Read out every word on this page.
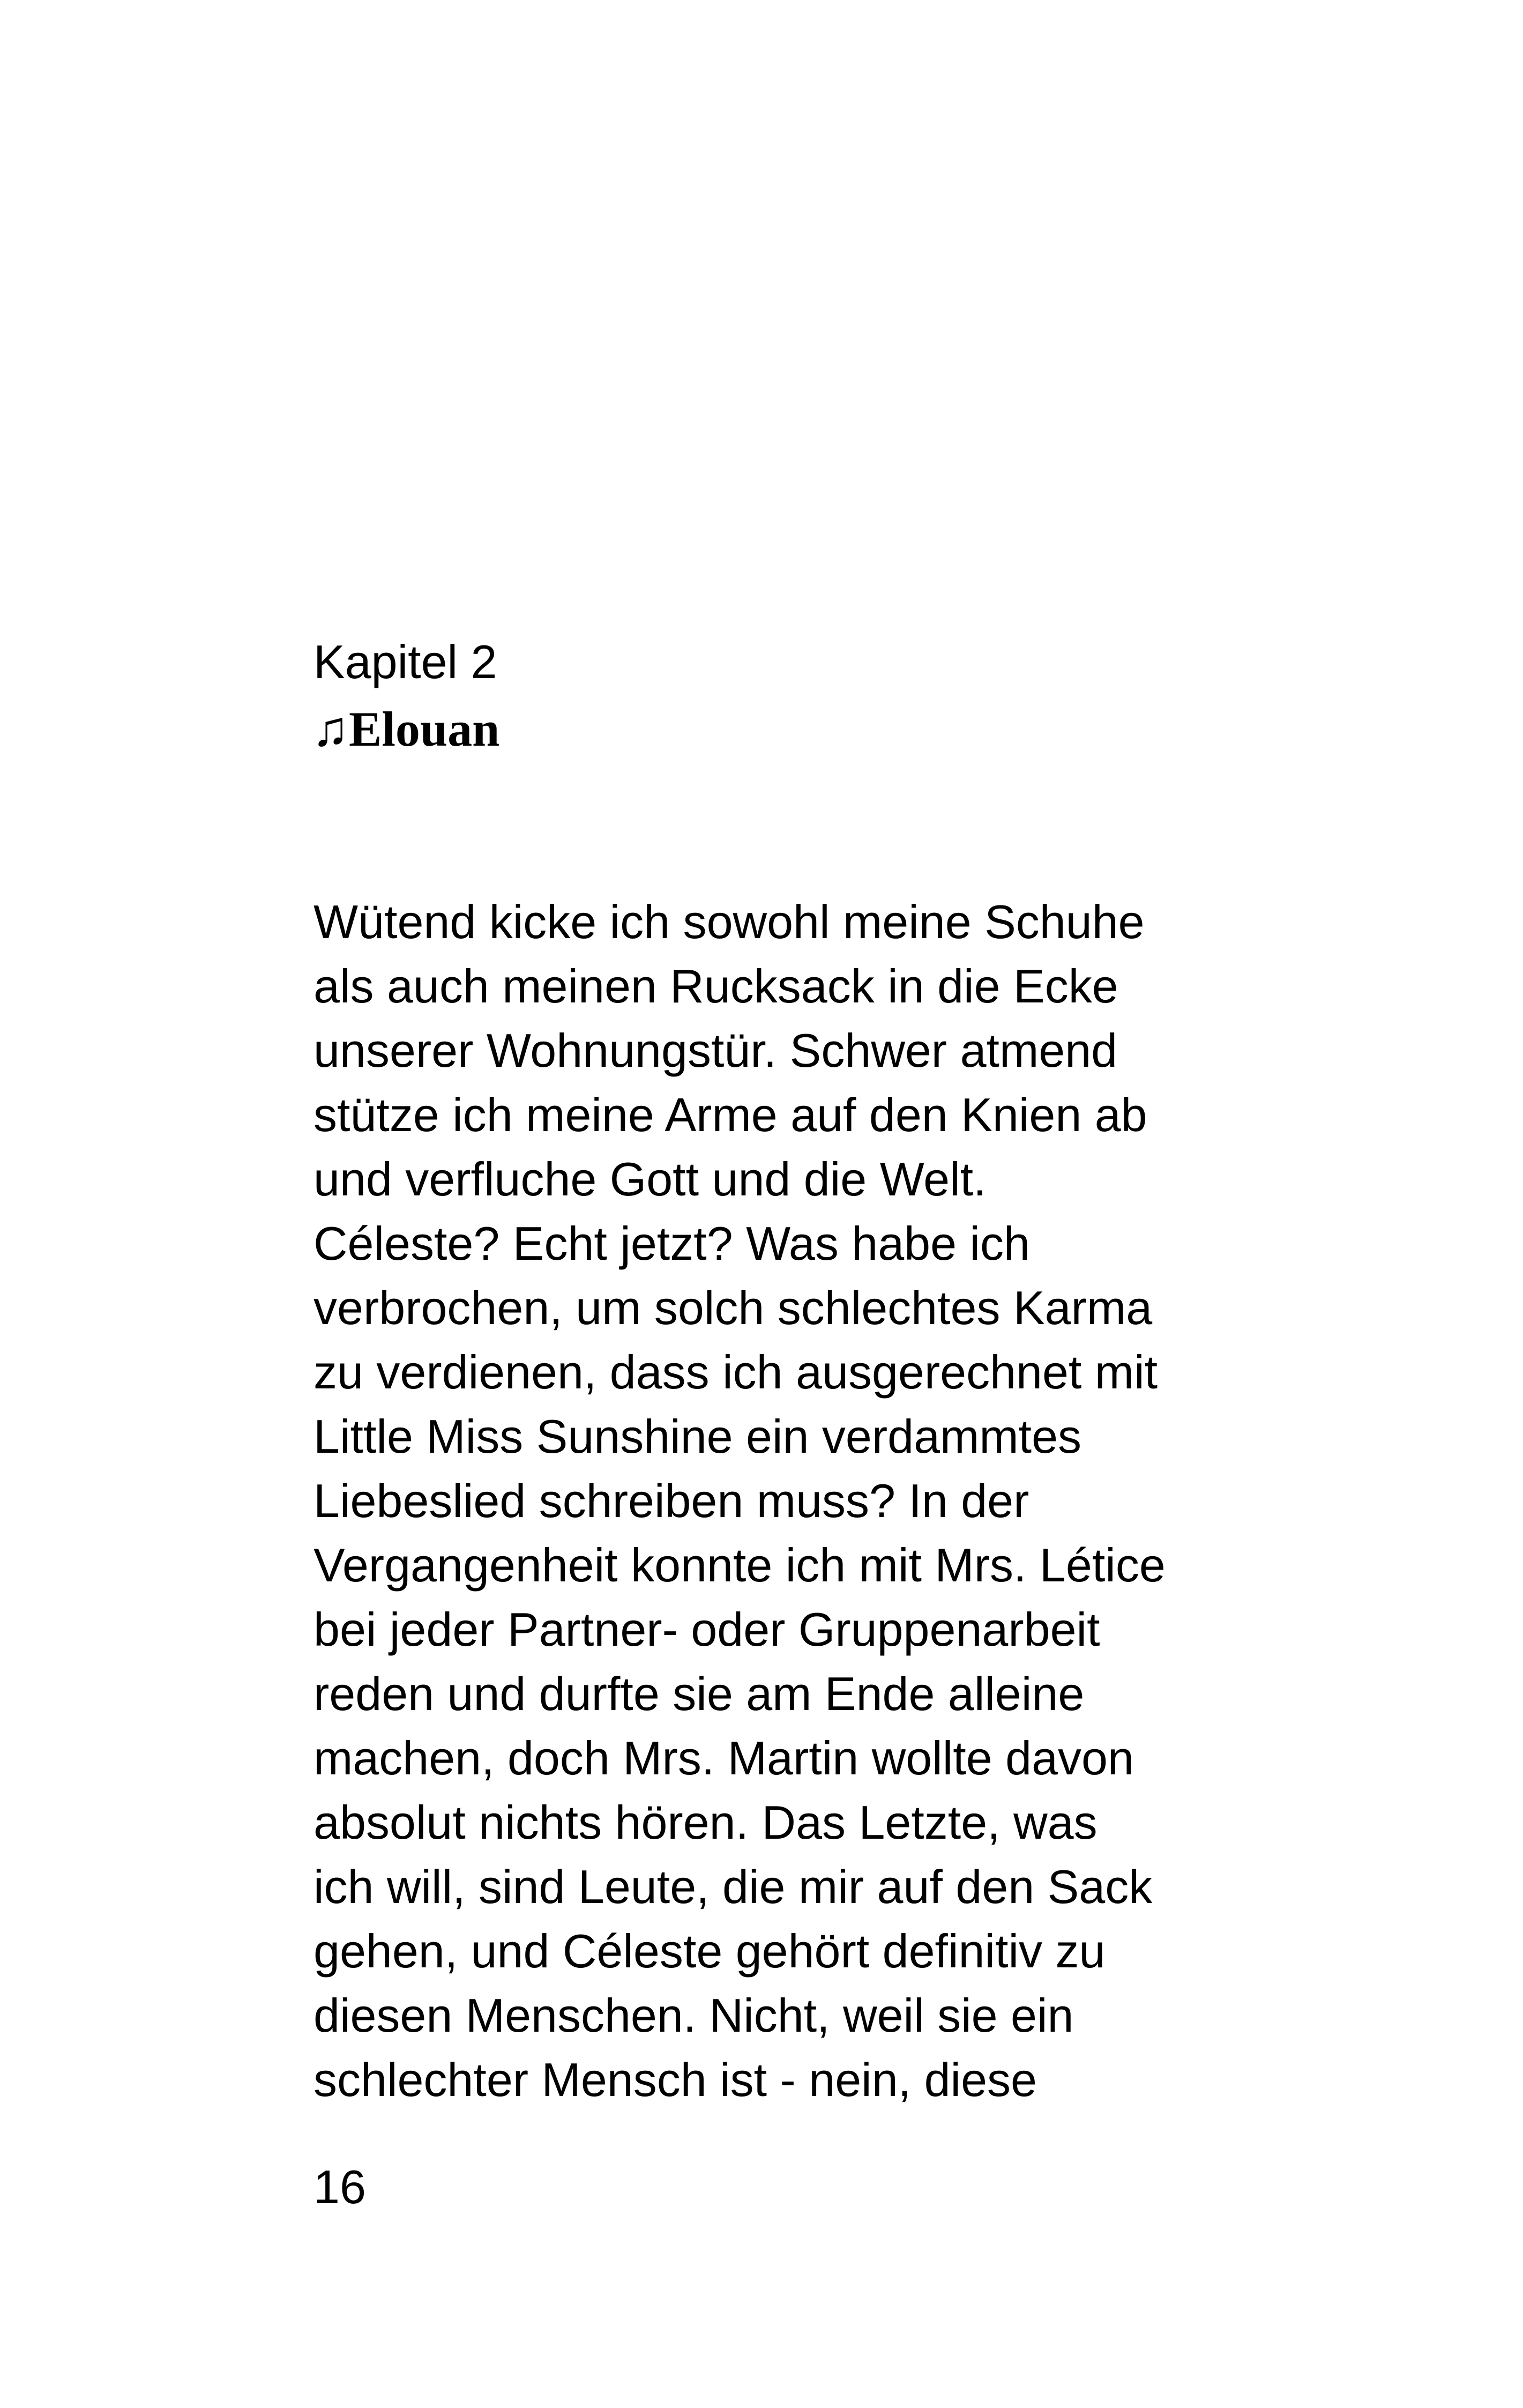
Kapitel 2
♫Elouan
Wütend kicke ich sowohl meine Schuhe
als auch meinen Rucksack in die Ecke
unserer Wohnungstür. Schwer atmend
stütze ich meine Arme auf den Knien ab
und verfluche Gott und die Welt.
Céleste? Echt jetzt? Was habe ich
verbrochen, um solch schlechtes Karma
zu verdienen, dass ich ausgerechnet mit
Little Miss Sunshine ein verdammtes
Liebeslied schreiben muss? In der
Vergangenheit konnte ich mit Mrs. Létice
bei jeder Partner- oder Gruppenarbeit
reden und durfte sie am Ende alleine
machen, doch Mrs. Martin wollte davon
absolut nichts hören. Das Letzte, was
ich will, sind Leute, die mir auf den Sack
gehen, und Céleste gehört definitiv zu
diesen Menschen. Nicht, weil sie ein
schlechter Mensch ist - nein, diese
16
